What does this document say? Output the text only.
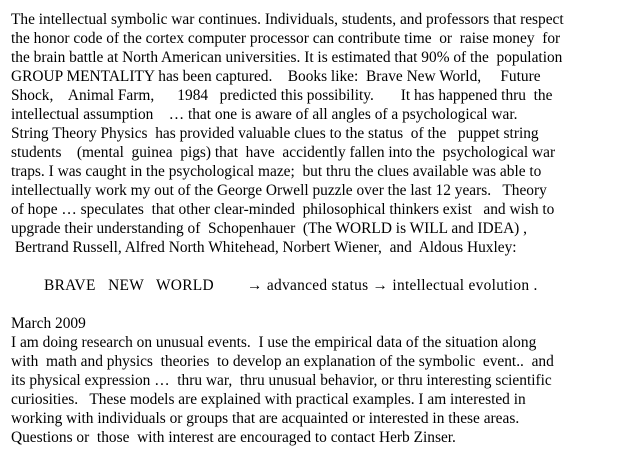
The intellectual symbolic war continues. Individuals, students, and professors that respect
the honor code of the cortex computer processor can contribute time  or  raise money  for
the brain battle at North American universities. It is estimated that 90% of the  population
GROUP MENTALITY has been captured.    Books like:  Brave New World,     Future
Shock,    Animal Farm,      1984   predicted this possibility.       It has happened thru  the
intellectual assumption    … that one is aware of all angles of a psychological war.
String Theory Physics  has provided valuable clues to the status  of the   puppet string
students    (mental  guinea  pigs) that  have  accidently fallen into the  psychological war
traps. I was caught in the psychological maze;  but thru the clues available was able to
intellectually work my out of the George Orwell puzzle over the last 12 years.   Theory
of hope … speculates  that other clear-minded  philosophical thinkers exist   and wish to
upgrade their understanding of  Schopenhauer  (The WORLD is WILL and IDEA) ,
Bertrand Russell, Alfred North Whitehead, Norbert Wiener,  and  Aldous Huxley:
BRAVE   NEW   WORLD        → advanced status → intellectual evolution .
March 2009
I am doing research on unusual events.  I use the empirical data of the situation along
with  math and physics  theories  to develop an explanation of the symbolic  event..  and
its physical expression …  thru war,  thru unusual behavior, or thru interesting scientific
curiosities.   These models are explained with practical examples. I am interested in
working with individuals or groups that are acquainted or interested in these areas.
Questions or  those  with interest are encouraged to contact Herb Zinser.
